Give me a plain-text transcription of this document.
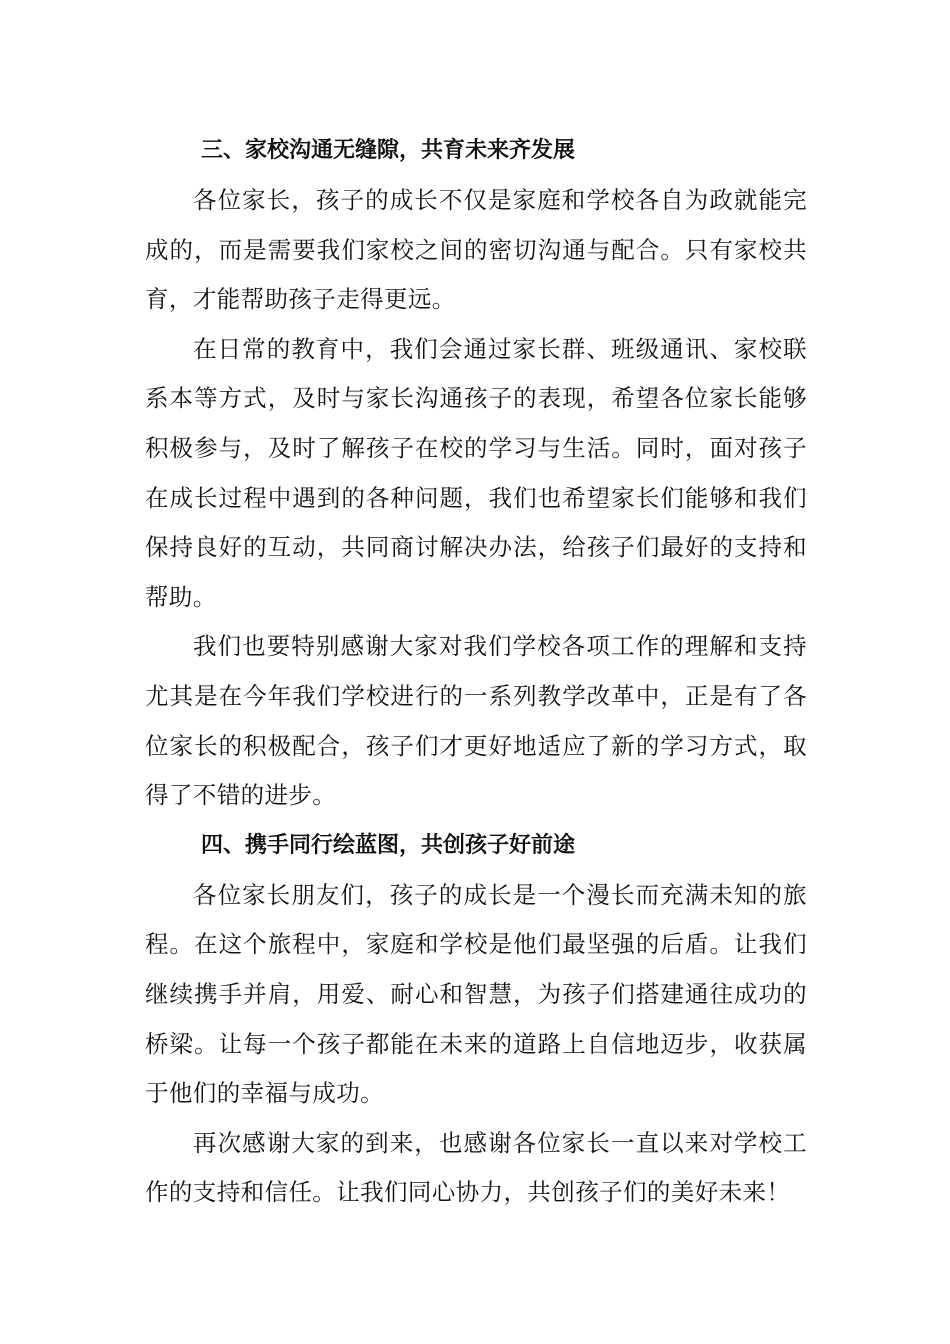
三、家校沟通无缝隙，共育未来齐发展

各位家长，孩子的成长不仅是家庭和学校各自为政就能完成的，而是需要我们家校之间的密切沟通与配合。只有家校共育，才能帮助孩子走得更远。

在日常的教育中，我们会通过家长群、班级通讯、家校联系本等方式，及时与家长沟通孩子的表现，希望各位家长能够积极参与，及时了解孩子在校的学习与生活。同时，面对孩子在成长过程中遇到的各种问题，我们也希望家长们能够和我们保持良好的互动，共同商讨解决办法，给孩子们最好的支持和帮助。

我们也要特别感谢大家对我们学校各项工作的理解和支持尤其是在今年我们学校进行的一系列教学改革中，正是有了各位家长的积极配合，孩子们才更好地适应了新的学习方式，取得了不错的进步。

四、携手同行绘蓝图，共创孩子好前途

各位家长朋友们，孩子的成长是一个漫长而充满未知的旅程。在这个旅程中，家庭和学校是他们最坚强的后盾。让我们继续携手并肩，用爱、耐心和智慧，为孩子们搭建通往成功的桥梁。让每一个孩子都能在未来的道路上自信地迈步，收获属于他们的幸福与成功。

再次感谢大家的到来，也感谢各位家长一直以来对学校工作的支持和信任。让我们同心协力，共创孩子们的美好未来！
